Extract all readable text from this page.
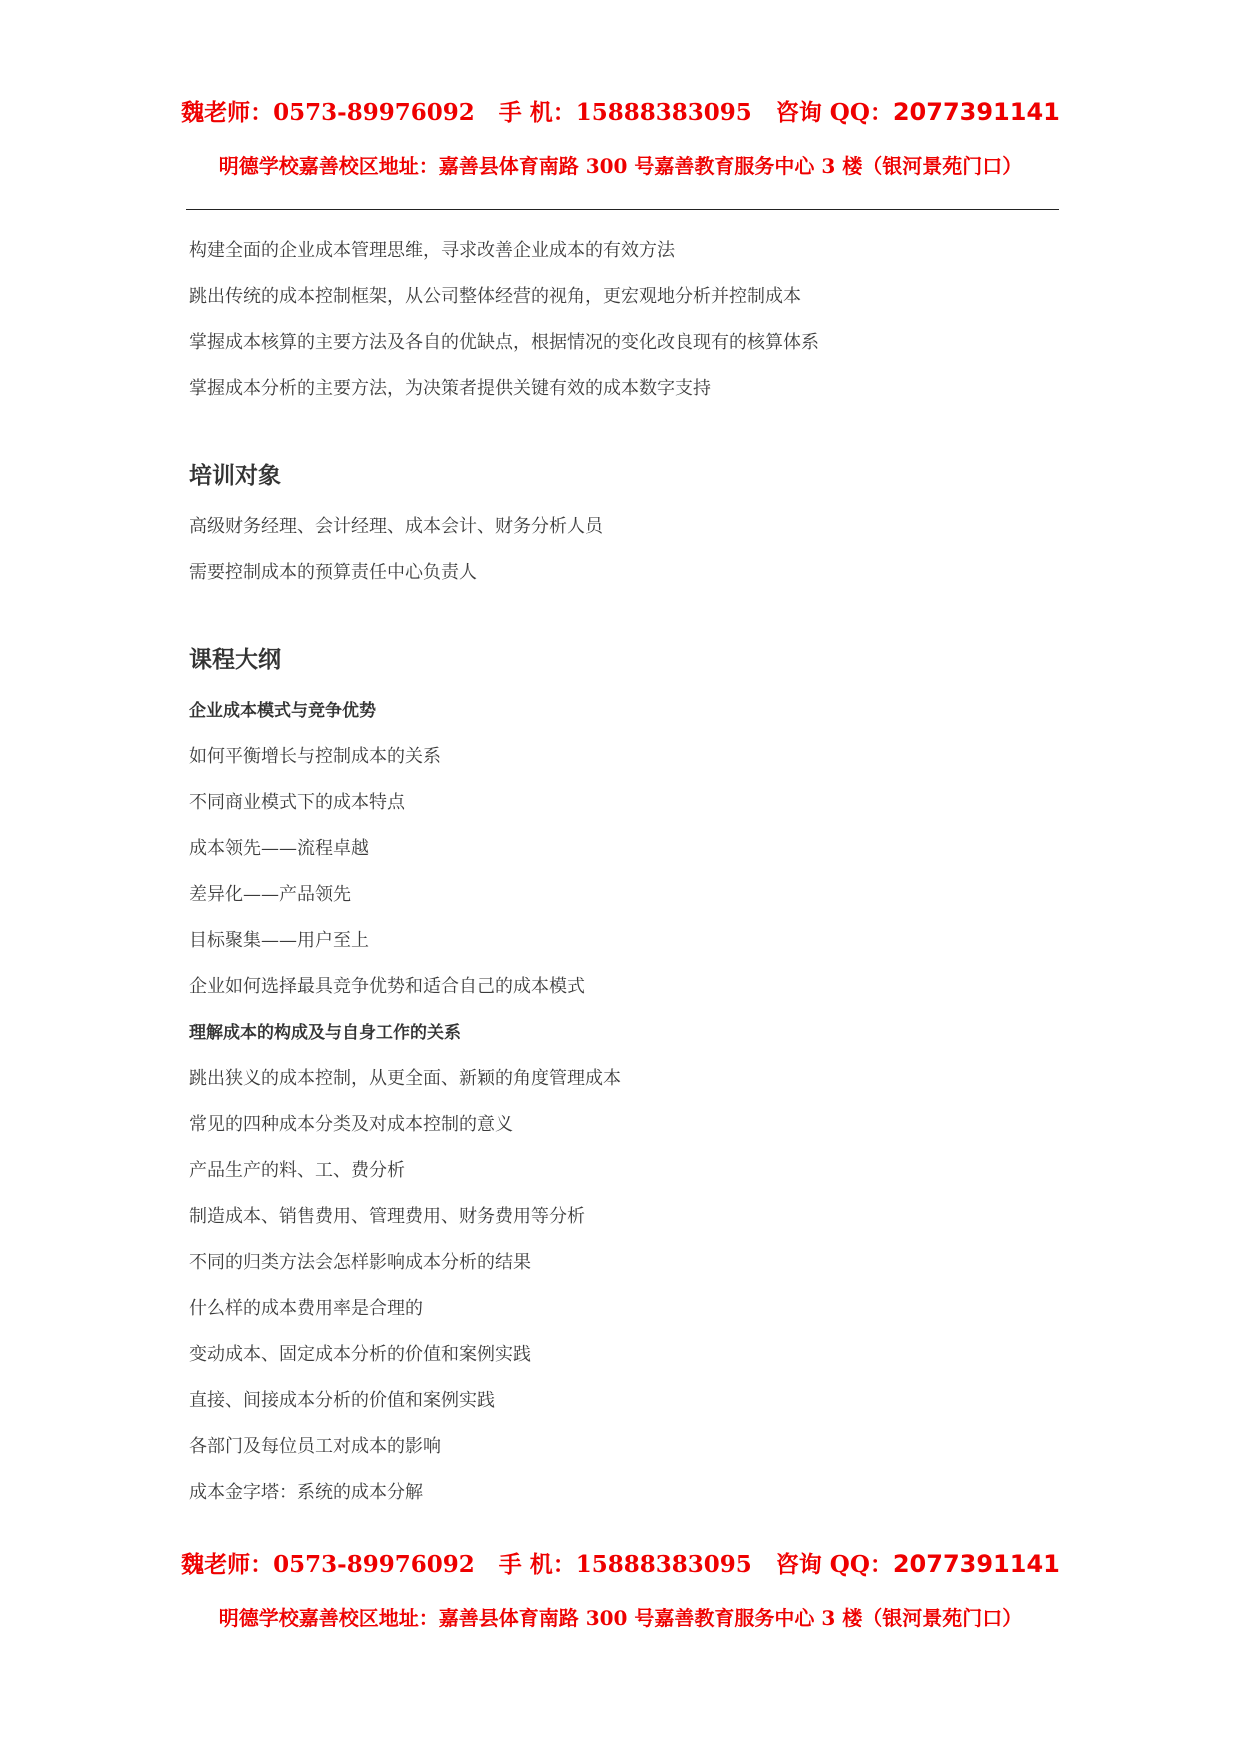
魏老师：0573-89976092 手 机：15888383095 咨询 QQ：2077391141
明德学校嘉善校区地址：嘉善县体育南路 300 号嘉善教育服务中心 3 楼（银河景苑门口）
构建全面的企业成本管理思维，寻求改善企业成本的有效方法
跳出传统的成本控制框架，从公司整体经营的视角，更宏观地分析并控制成本
掌握成本核算的主要方法及各自的优缺点，根据情况的变化改良现有的核算体系
掌握成本分析的主要方法，为决策者提供关键有效的成本数字支持
培训对象
高级财务经理、会计经理、成本会计、财务分析人员
需要控制成本的预算责任中心负责人
课程大纲
企业成本模式与竞争优势
如何平衡增长与控制成本的关系
不同商业模式下的成本特点
成本领先——流程卓越
差异化——产品领先
目标聚集——用户至上
企业如何选择最具竞争优势和适合自己的成本模式
理解成本的构成及与自身工作的关系
跳出狭义的成本控制，从更全面、新颖的角度管理成本
常见的四种成本分类及对成本控制的意义
产品生产的料、工、费分析
制造成本、销售费用、管理费用、财务费用等分析
不同的归类方法会怎样影响成本分析的结果
什么样的成本费用率是合理的
变动成本、固定成本分析的价值和案例实践
直接、间接成本分析的价值和案例实践
各部门及每位员工对成本的影响
成本金字塔：系统的成本分解
魏老师：0573-89976092 手 机：15888383095 咨询 QQ：2077391141
明德学校嘉善校区地址：嘉善县体育南路 300 号嘉善教育服务中心 3 楼（银河景苑门口）
